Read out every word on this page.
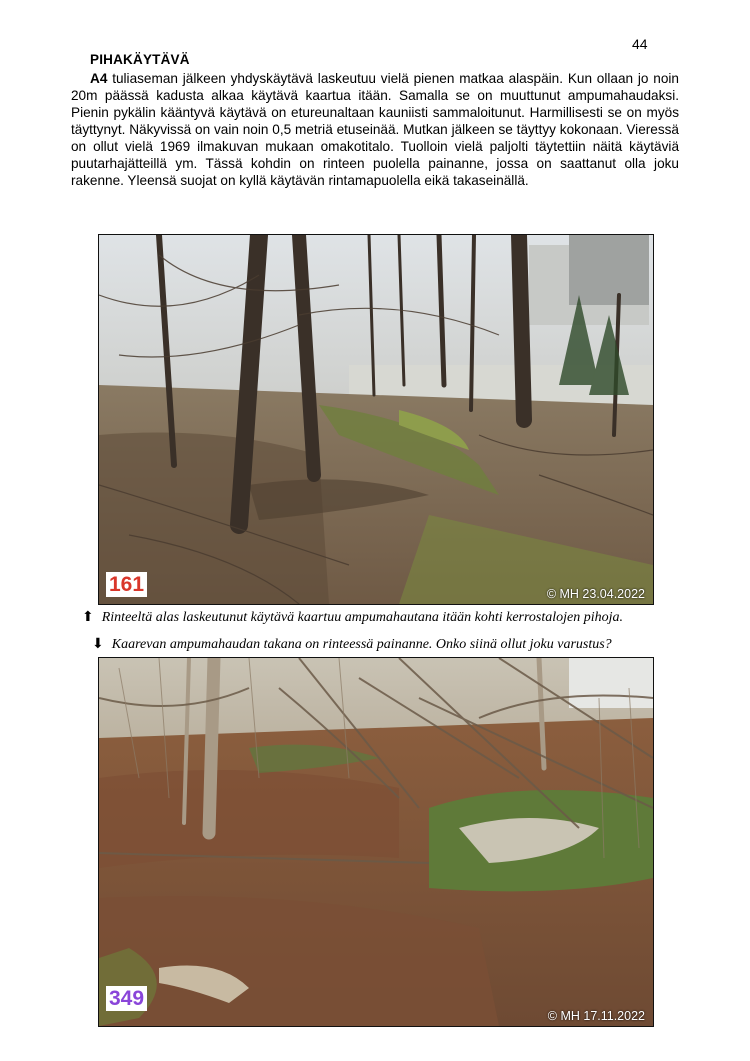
44
PIHAKÄYTÄVÄ
A4 tuliaseman jälkeen yhdyskäytävä laskeutuu vielä pienen matkaa alaspäin. Kun ollaan jo noin 20m päässä kadusta alkaa käytävä kaartua itään. Samalla se on muuttunut ampumahaudaksi. Pienin pykälin kääntyvä käytävä on etureunaltaan kauniisti sammaloitunut. Harmillisesti se on myös täyttynyt. Näkyvissä on vain noin 0,5 metriä etuseinää. Mutkan jälkeen se täyttyy kokonaan. Vieressä on ollut vielä 1969 ilmakuvan mukaan omakotitalo. Tuolloin vielä paljolti täytettiin näitä käytäviä puutarhajätteillä ym. Tässä kohdin on rinteen puolella painanne, jossa on saattanut olla joku rakenne. Yleensä suojat on kyllä käytävän rintamapuolella eikä takaseinällä.
161	© MH 23.04.2022
⬆ Rinteeltä alas laskeutunut käytävä kaartuu ampumahautana itään kohti kerrostalojen pihoja.
⬇ Kaarevan ampumahaudan takana on rinteessä painanne. Onko siinä ollut joku varustus?
349
© MH 17.11.2022
